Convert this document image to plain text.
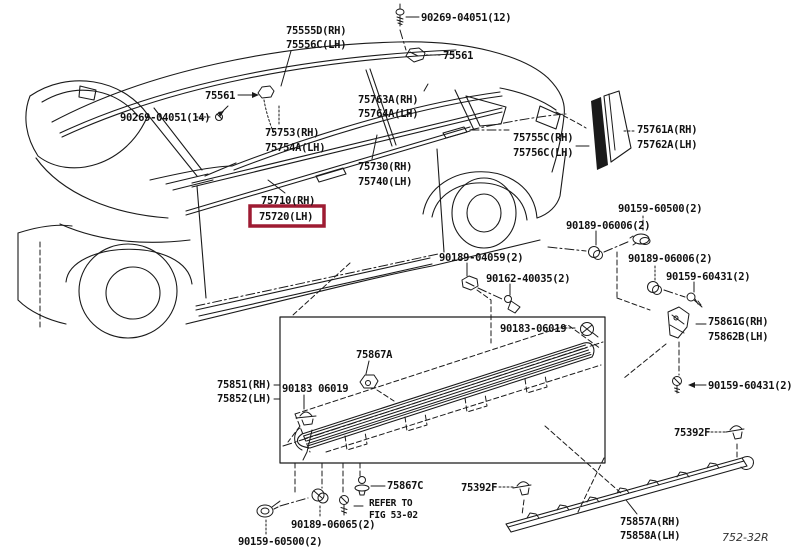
90269-04051(12)
75555D(RH)
75556C(LH)
75561
75561
90269-04051(14)
75753(RH)
75754A(LH)
75763A(RH)
75764A(LH)
75730(RH)
75740(LH)
75755C(RH)
75756C(LH)
75761A(RH)
75762A(LH)
75710(RH)
75720(LH)
90159-60500(2)
90189-06006(2)
90189-06006(2)
90159-60431(2)
90189-04059(2)
90162-40035(2)
90183-06019
75861G(RH)
75862B(LH)
75867A
75851(RH)
75852(LH)
90183 06019	90159-60431(2)
75392F
75867C	75392F
REFER TO
FIG 53-02
90189-06065(2)
90159-60500(2)
75857A(RH)
75858A(LH)	752-32R
